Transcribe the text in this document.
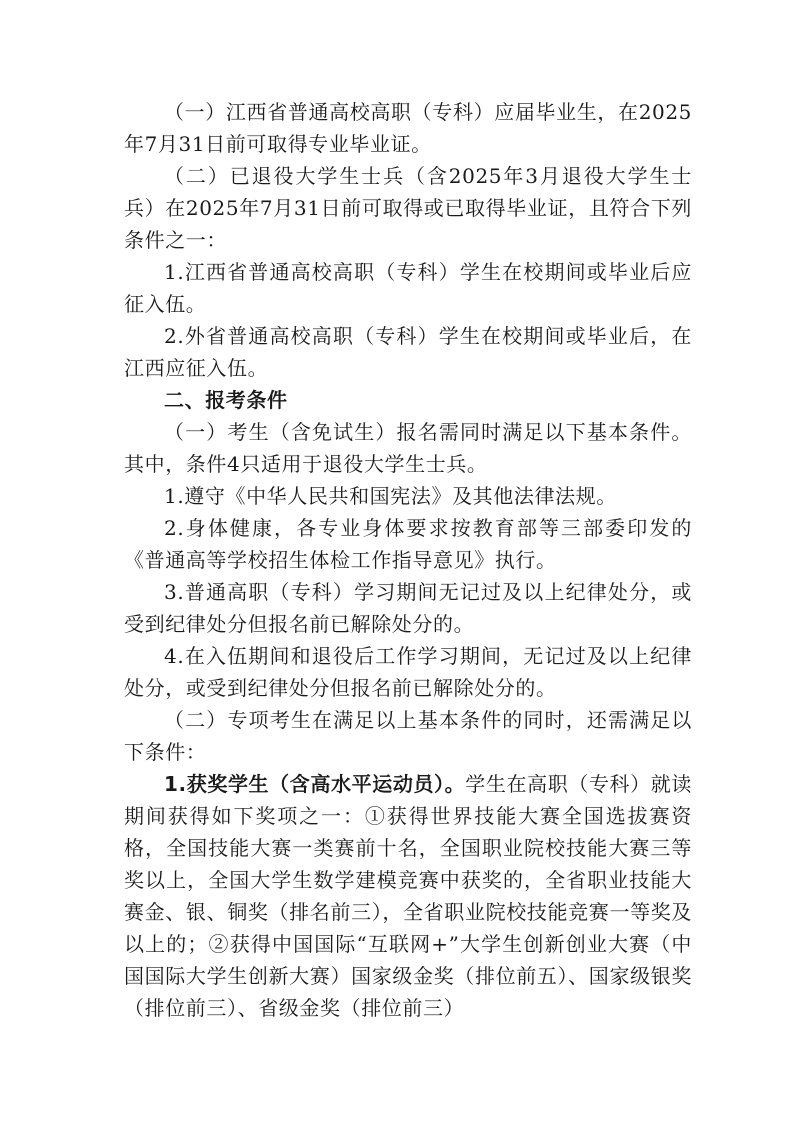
（一）江西省普通高校高职（专科）应届毕业生，在2025年7月31日前可取得专业毕业证。

（二）已退役大学生士兵（含2025年3月退役大学生士兵）在2025年7月31日前可取得或已取得毕业证，且符合下列条件之一：

1.江西省普通高校高职（专科）学生在校期间或毕业后应征入伍。

2.外省普通高校高职（专科）学生在校期间或毕业后，在江西应征入伍。

二、报考条件

（一）考生（含免试生）报名需同时满足以下基本条件。其中，条件4只适用于退役大学生士兵。

1.遵守《中华人民共和国宪法》及其他法律法规。

2.身体健康，各专业身体要求按教育部等三部委印发的《普通高等学校招生体检工作指导意见》执行。

3.普通高职（专科）学习期间无记过及以上纪律处分，或受到纪律处分但报名前已解除处分的。

4.在入伍期间和退役后工作学习期间，无记过及以上纪律处分，或受到纪律处分但报名前已解除处分的。

（二）专项考生在满足以上基本条件的同时，还需满足以下条件：

1.获奖学生（含高水平运动员）。学生在高职（专科）就读期间获得如下奖项之一：①获得世界技能大赛全国选拔赛资格，全国技能大赛一类赛前十名，全国职业院校技能大赛三等奖以上，全国大学生数学建模竞赛中获奖的，全省职业技能大赛金、银、铜奖（排名前三），全省职业院校技能竞赛一等奖及以上的；②获得中国国际“互联网+”大学生创新创业大赛（中国国际大学生创新大赛）国家级金奖（排位前五）、国家级银奖（排位前三）、省级金奖（排位前三）
